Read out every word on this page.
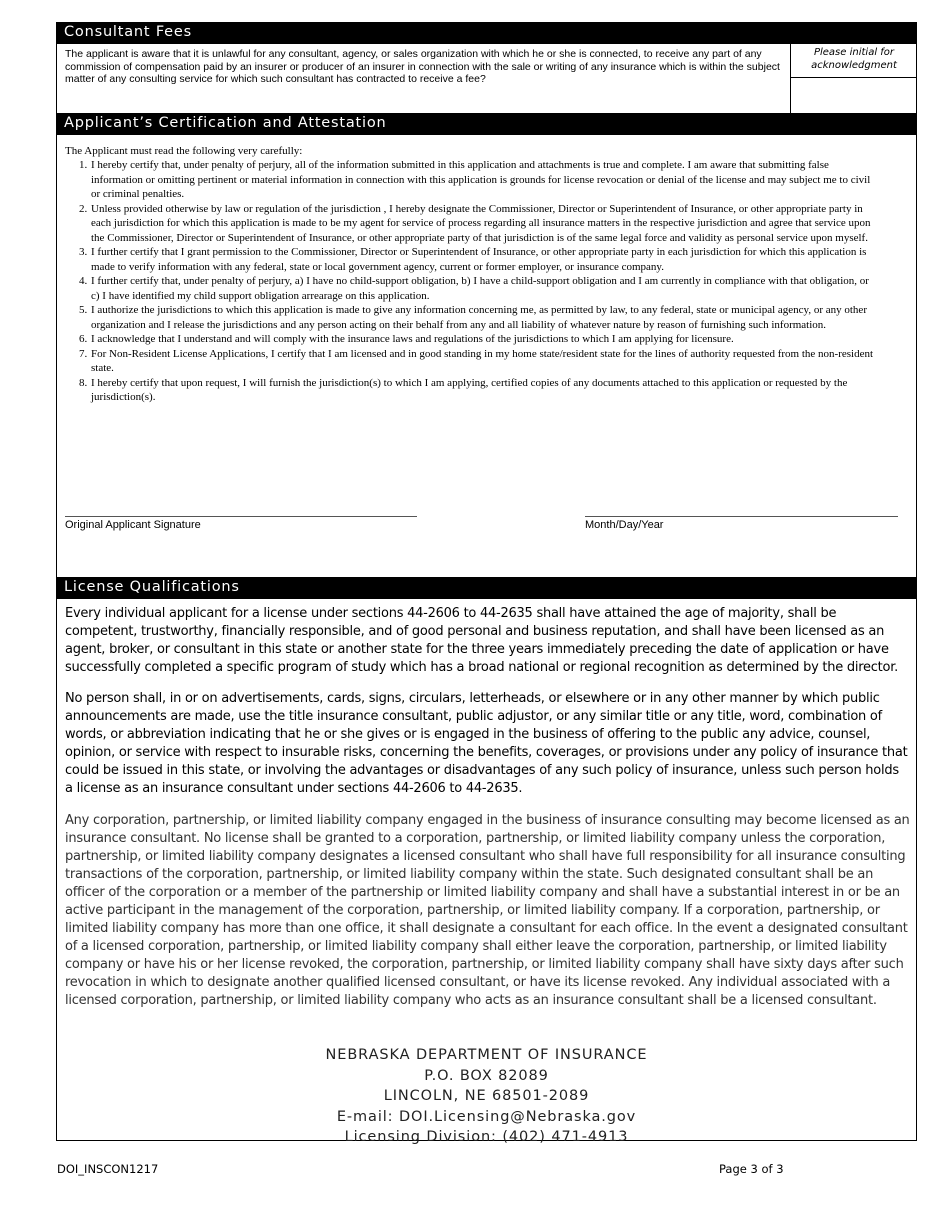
Consultant Fees
The applicant is aware that it is unlawful for any consultant, agency, or sales organization with which he or she is connected, to receive any part of any commission of compensation paid by an insurer or producer of an insurer in connection with the sale or writing of any insurance which is within the subject matter of any consulting service for which such consultant has contracted to receive a fee?
Please initial for acknowledgment
Applicant’s Certification and Attestation
The Applicant must read the following very carefully:
1. I hereby certify that, under penalty of perjury, all of the information submitted in this application and attachments is true and complete. I am aware that submitting false information or omitting pertinent or material information in connection with this application is grounds for license revocation or denial of the license and may subject me to civil or criminal penalties.
2. Unless provided otherwise by law or regulation of the jurisdiction , I hereby designate the Commissioner, Director or Superintendent of Insurance, or other appropriate party in each jurisdiction for which this application is made to be my agent for service of process regarding all insurance matters in the respective jurisdiction and agree that service upon the Commissioner, Director or Superintendent of Insurance, or other appropriate party of that jurisdiction is of the same legal force and validity as personal service upon myself.
3. I further certify that I grant permission to the Commissioner, Director or Superintendent of Insurance, or other appropriate party in each jurisdiction for which this application is made to verify information with any federal, state or local government agency, current or former employer, or insurance company.
4. I further certify that, under penalty of perjury, a) I have no child-support obligation, b) I have a child-support obligation and I am currently in compliance with that obligation, or c) I have identified my child support obligation arrearage on this application.
5. I authorize the jurisdictions to which this application is made to give any information concerning me, as permitted by law, to any federal, state or municipal agency, or any other organization and I release the jurisdictions and any person acting on their behalf from any and all liability of whatever nature by reason of furnishing such information.
6. I acknowledge that I understand and will comply with the insurance laws and regulations of the jurisdictions to which I am applying for licensure.
7. For Non-Resident License Applications, I certify that I am licensed and in good standing in my home state/resident state for the lines of authority requested from the non-resident state.
8. I hereby certify that upon request, I will furnish the jurisdiction(s) to which I am applying, certified copies of any documents attached to this application or requested by the jurisdiction(s).
Original Applicant Signature	Month/Day/Year
License Qualifications
Every individual applicant for a license under sections 44-2606 to 44-2635 shall have attained the age of majority, shall be competent, trustworthy, financially responsible, and of good personal and business reputation, and shall have been licensed as an agent, broker, or consultant in this state or another state for the three years immediately preceding the date of application or have successfully completed a specific program of study which has a broad national or regional recognition as determined by the director.
No person shall, in or on advertisements, cards, signs, circulars, letterheads, or elsewhere or in any other manner by which public announcements are made, use the title insurance consultant, public adjustor, or any similar title or any title, word, combination of words, or abbreviation indicating that he or she gives or is engaged in the business of offering to the public any advice, counsel, opinion, or service with respect to insurable risks, concerning the benefits, coverages, or provisions under any policy of insurance that could be issued in this state, or involving the advantages or disadvantages of any such policy of insurance, unless such person holds a license as an insurance consultant under sections 44-2606 to 44-2635.
Any corporation, partnership, or limited liability company engaged in the business of insurance consulting may become licensed as an insurance consultant. No license shall be granted to a corporation, partnership, or limited liability company unless the corporation, partnership, or limited liability company designates a licensed consultant who shall have full responsibility for all insurance consulting transactions of the corporation, partnership, or limited liability company within the state. Such designated consultant shall be an officer of the corporation or a member of the partnership or limited liability company and shall have a substantial interest in or be an active participant in the management of the corporation, partnership, or limited liability company. If a corporation, partnership, or limited liability company has more than one office, it shall designate a consultant for each office. In the event a designated consultant of a licensed corporation, partnership, or limited liability company shall either leave the corporation, partnership, or limited liability company or have his or her license revoked, the corporation, partnership, or limited liability company shall have sixty days after such revocation in which to designate another qualified licensed consultant, or have its license revoked. Any individual associated with a licensed corporation, partnership, or limited liability company who acts as an insurance consultant shall be a licensed consultant.
NEBRASKA DEPARTMENT OF INSURANCE
P.O. BOX 82089
LINCOLN, NE 68501-2089
E-mail: DOI.Licensing@Nebraska.gov
Licensing Division: (402) 471-4913
DOI_INSCON1217	Page 3 of 3
